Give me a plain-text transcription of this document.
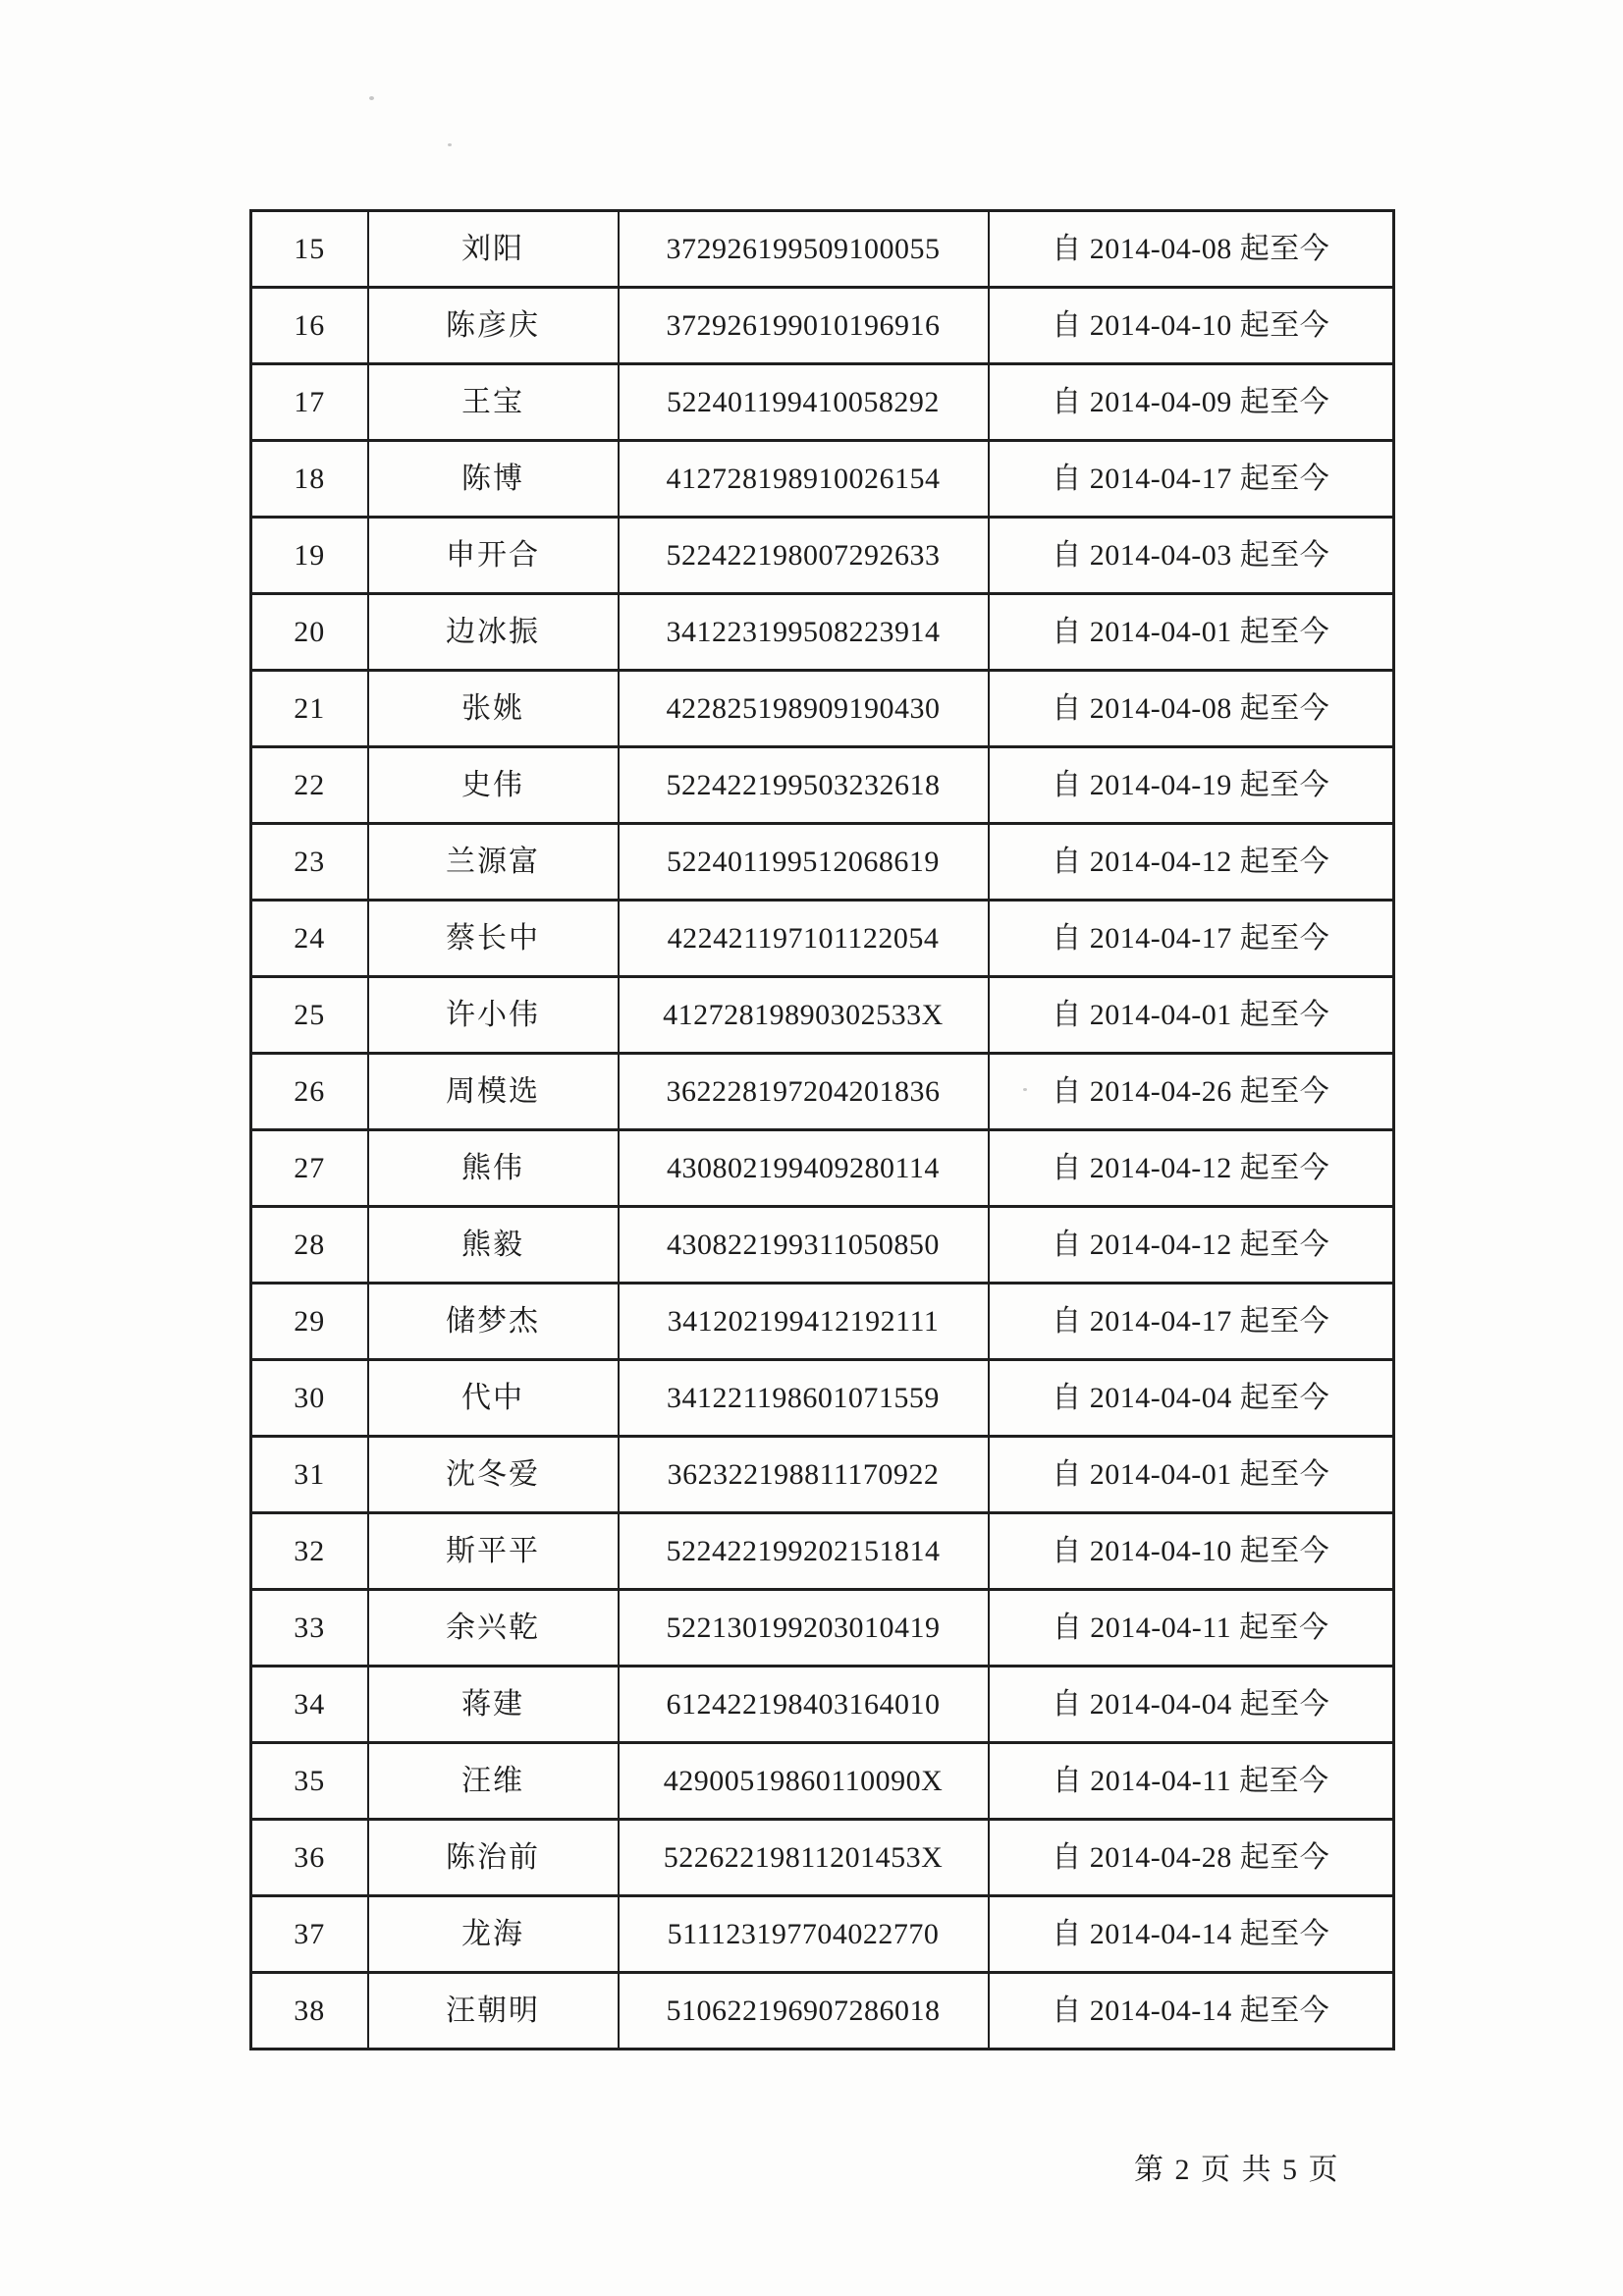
15	刘阳	372926199509100055	自 2014-04-08 起至今
16	陈彦庆	372926199010196916	自 2014-04-10 起至今
17	王宝	522401199410058292	自 2014-04-09 起至今
18	陈博	412728198910026154	自 2014-04-17 起至今
19	申开合	522422198007292633	自 2014-04-03 起至今
20	边冰振	341223199508223914	自 2014-04-01 起至今
21	张姚	422825198909190430	自 2014-04-08 起至今
22	史伟	522422199503232618	自 2014-04-19 起至今
23	兰源富	522401199512068619	自 2014-04-12 起至今
24	蔡长中	422421197101122054	自 2014-04-17 起至今
25	许小伟	41272819890302533X	自 2014-04-01 起至今
26	周模选	362228197204201836	自 2014-04-26 起至今
27	熊伟	430802199409280114	自 2014-04-12 起至今
28	熊毅	430822199311050850	自 2014-04-12 起至今
29	储梦杰	341202199412192111	自 2014-04-17 起至今
30	代中	341221198601071559	自 2014-04-04 起至今
31	沈冬爱	362322198811170922	自 2014-04-01 起至今
32	斯平平	522422199202151814	自 2014-04-10 起至今
33	余兴乾	522130199203010419	自 2014-04-11 起至今
34	蒋建	612422198403164010	自 2014-04-04 起至今
35	汪维	42900519860110090X	自 2014-04-11 起至今
36	陈治前	52262219811201453X	自 2014-04-28 起至今
37	龙海	511123197704022770	自 2014-04-14 起至今
38	汪朝明	510622196907286018	自 2014-04-14 起至今
第 2 页 共 5 页
